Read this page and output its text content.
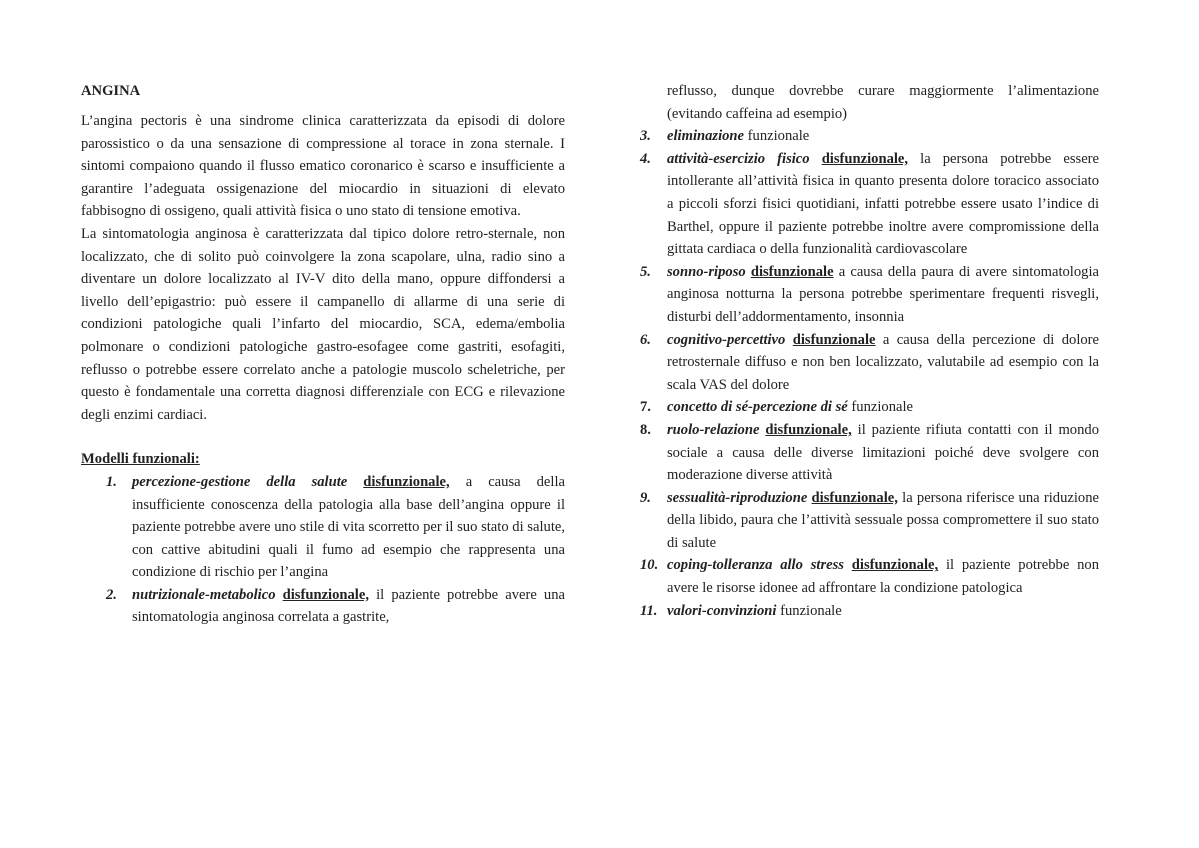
ANGINA

L’angina pectoris è una sindrome clinica caratterizzata da episodi di dolore parossistico o da una sensazione di compressione al torace in zona sternale. I sintomi compaiono quando il flusso ematico coronarico è scarso e insufficiente a garantire l’adeguata ossigenazione del miocardio in situazioni di elevato fabbisogno di ossigeno, quali attività fisica o uno stato di tensione emotiva.

La sintomatologia anginosa è caratterizzata dal tipico dolore retro-sternale, non localizzato, che di solito può coinvolgere la zona scapolare, ulna, radio sino a diventare un dolore localizzato al IV-V dito della mano, oppure diffondersi a livello dell’epigastrio: può essere il campanello di allarme di una serie di condizioni patologiche quali l’infarto del miocardio, SCA, edema/embolia polmonare o condizioni patologiche gastro-esofagee come gastriti, esofagiti, reflusso o potrebbe essere correlato anche a patologie muscolo scheletriche, per questo è fondamentale una corretta diagnosi differenziale con ECG e rilevazione degli enzimi cardiaci.

Modelli funzionali:
1. percezione-gestione della salute disfunzionale, a causa della insufficiente conoscenza della patologia alla base dell’angina oppure il paziente potrebbe avere uno stile di vita scorretto per il suo stato di salute, con cattive abitudini quali il fumo ad esempio che rappresenta una condizione di rischio per l’angina
2. nutrizionale-metabolico disfunzionale, il paziente potrebbe avere una sintomatologia anginosa correlata a gastrite,
reflusso, dunque dovrebbe curare maggiormente l’alimentazione (evitando caffeina ad esempio)
3.	eliminazione funzionale
4.	attività-esercizio fisico disfunzionale, la persona potrebbe essere intollerante all’attività fisica in quanto presenta dolore toracico associato a piccoli sforzi fisici quotidiani, infatti potrebbe essere usato l’indice di Barthel, oppure il paziente potrebbe inoltre avere compromissione della gittata cardiaca o della funzionalità cardiovascolare
5.	sonno-riposo disfunzionale a causa della paura di avere sintomatologia anginosa notturna la persona potrebbe sperimentare frequenti risvegli, disturbi dell’addormentamento, insonnia
6.	cognitivo-percettivo disfunzionale a causa della percezione di dolore retrosternale diffuso e non ben localizzato, valutabile ad esempio con la scala VAS del dolore
7.	concetto di sé-percezione di sé funzionale
8.	ruolo-relazione disfunzionale, il paziente rifiuta contatti con il mondo sociale a causa delle diverse limitazioni poiché deve svolgere con moderazione diverse attività
9.	sessualità-riproduzione disfunzionale, la persona riferisce una riduzione della libido, paura che l’attività sessuale possa compromettere il suo stato di salute
10. coping-tolleranza allo stress disfunzionale, il paziente potrebbe non avere le risorse idonee ad affrontare la condizione patologica
11. valori-convinzioni funzionale
